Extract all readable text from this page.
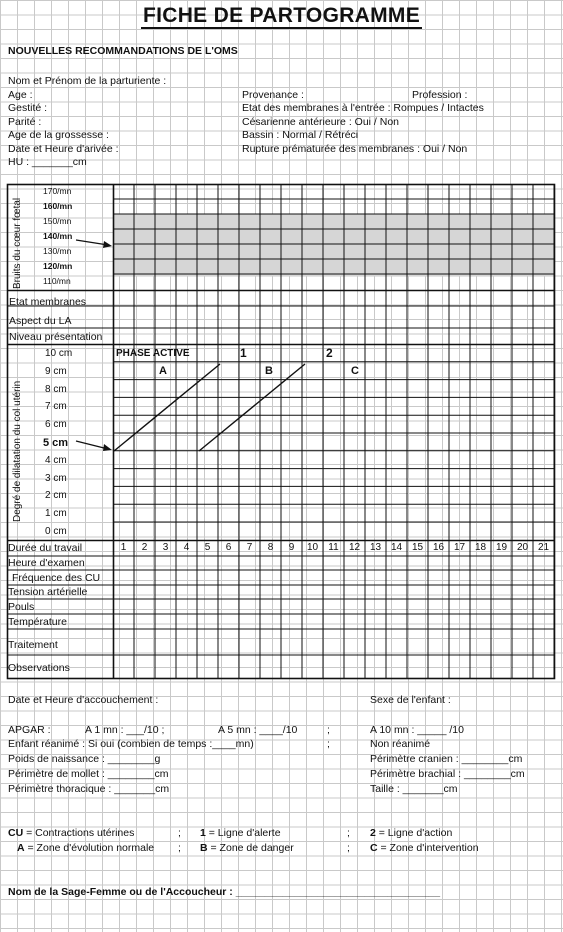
FICHE DE PARTOGRAMME
NOUVELLES RECOMMANDATIONS DE L'OMS
Nom et Prénom de la parturiente :
Age :
Gestité :
Parité :
Age de la grossesse :
Date et Heure d'arivée :
HU : _______cm
Provenance :	Profession :
Etat des membranes à l'entrée : Rompues / Intactes
Césarienne antérieure : Oui / Non
Bassin : Normal / Rétréci
Rupture prématurée des membranes : Oui / Non
Bruits du cœur fœtal
Degré de dilatation du col utérin
170/mn
160/mn
150/mn
140/mn
130/mn
120/mn
110/mn
10 cm
9 cm
8 cm
7 cm
6 cm
5 cm
4 cm
3 cm
2 cm
1 cm
0 cm
1	2	3	4	5	6	7	8	9	10	11	12 13 14 15 16 17 18 19 20 21
Etat membranes
Aspect du LA
Niveau présentation
PHASE ACTIVE	1	2
A	B	C
Durée du travail
Heure d'examen
Fréquence des CU
Tension artérielle
Pouls
Température
Traitement
Observations
Date et Heure d'accouchement :	Sexe de l'enfant :
APGAR :	A 1 mn : ___/10 ;	A 5 mn : ____/10	;	A 10 mn : _____ /10
Enfant réanimé : Si oui (combien de temps :____mn)	;	Non réanimé
Poids de naissance : ________g	Périmètre cranien : ________cm
Périmètre de mollet : ________cm	Périmètre brachial : ________cm
Périmètre thoracique : _______cm	Taille : _______cm
CU = Contractions utérines	; 1 = Ligne d'alerte	; 2 = Ligne d'action
A = Zone d'évolution normale ; B = Zone de danger	; C = Zone d'intervention
Nom de la Sage-Femme ou de l'Accoucheur : ___________________________________
